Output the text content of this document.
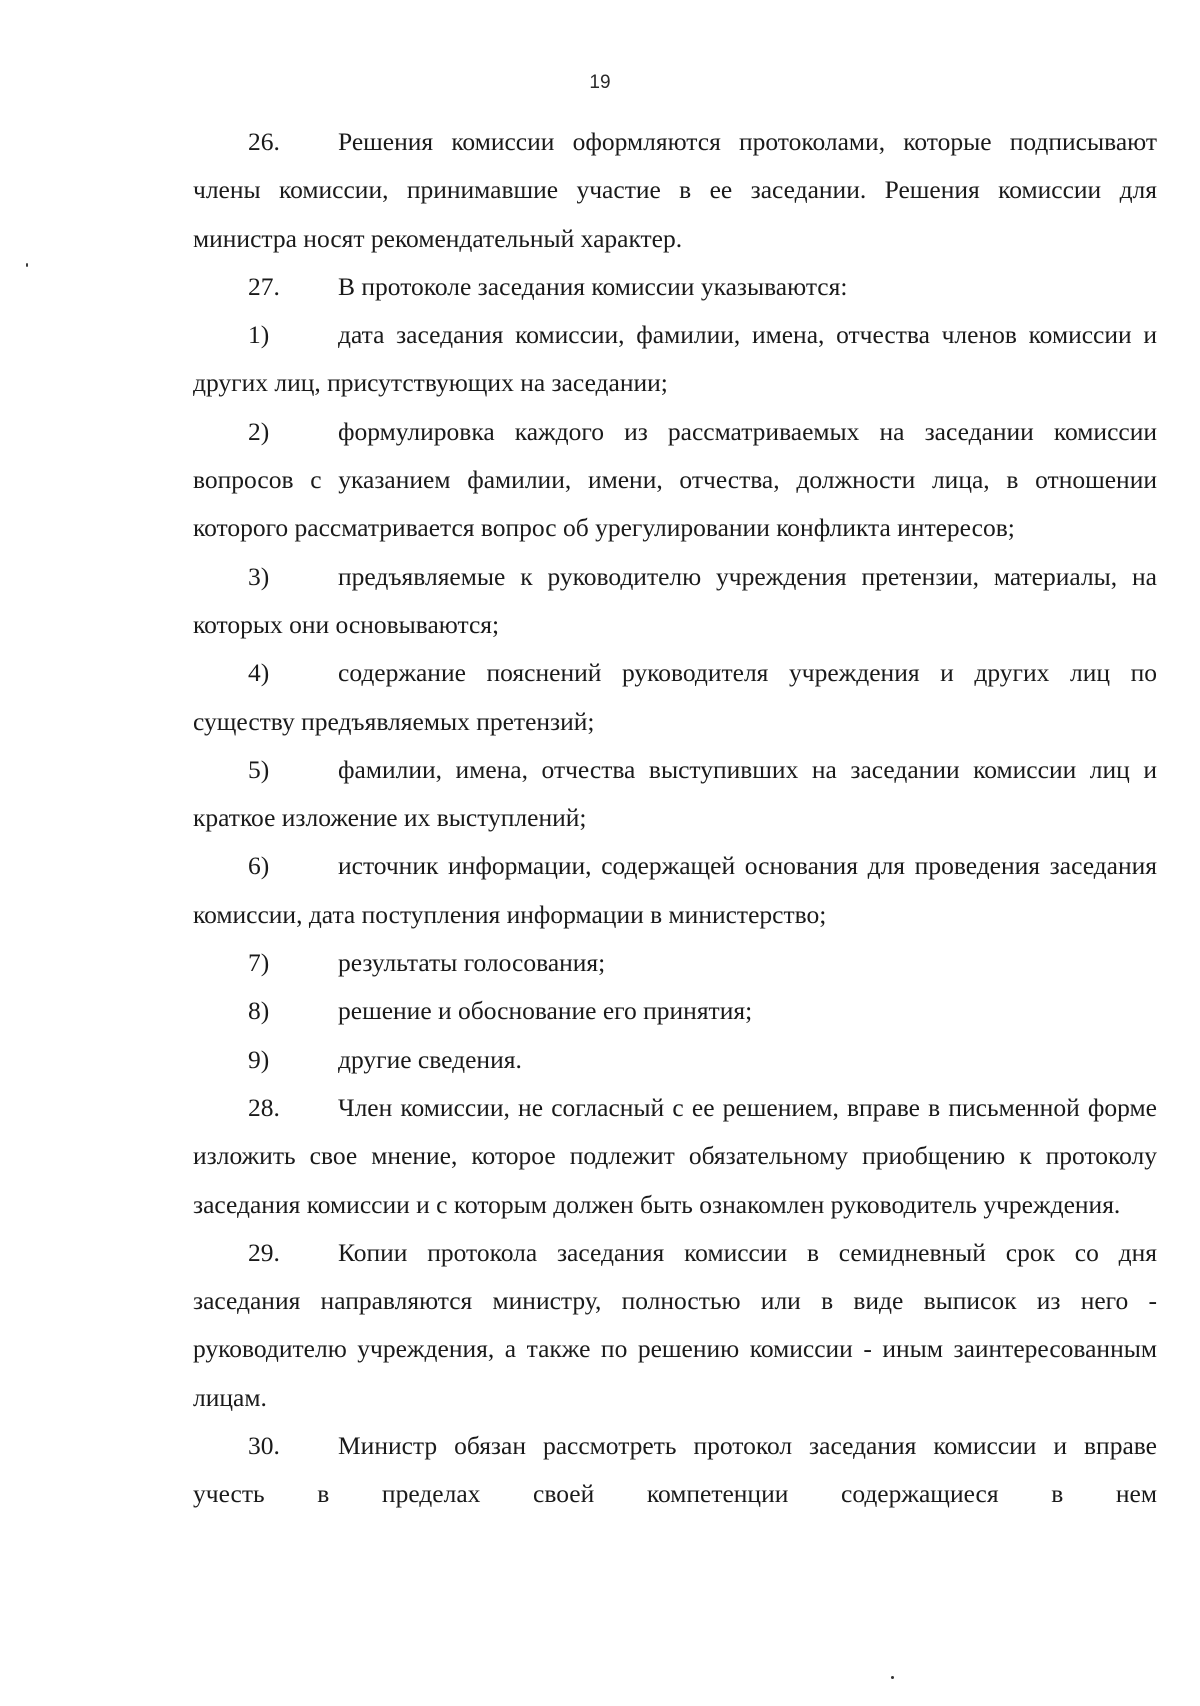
19

26. Решения комиссии оформляются протоколами, которые подписывают члены комиссии, принимавшие участие в ее заседании. Решения комиссии для министра носят рекомендательный характер.

27. В протоколе заседания комиссии указываются:

1)	дата заседания комиссии, фамилии, имена, отчества членов комиссии и других лиц, присутствующих на заседании;

2)	формулировка каждого из рассматриваемых на заседании комиссии вопросов с указанием фамилии, имени, отчества, должности лица, в отношении которого рассматривается вопрос об урегулировании конфликта интересов;

3)	предъявляемые к руководителю учреждения претензии, материалы, на которых они основываются;

4)	содержание пояснений руководителя учреждения и других лиц по существу предъявляемых претензий;

5)	фамилии, имена, отчества выступивших на заседании комиссии лиц и краткое изложение их выступлений;

6)	источник информации, содержащей основания для проведения заседания комиссии, дата поступления информации в министерство;

7)	результаты голосования;

8)	решение и обоснование его принятия;

9)	другие сведения.

28. Член комиссии, не согласный с ее решением, вправе в письменной форме изложить свое мнение, которое подлежит обязательному приобщению к протоколу заседания комиссии и с которым должен быть ознакомлен руководитель учреждения.

29. Копии протокола заседания комиссии в семидневный срок со дня заседания направляются министру, полностью или в виде выписок из него - руководителю учреждения, а также по решению комиссии - иным заинтересованным лицам.

30. Министр обязан рассмотреть протокол заседания комиссии и вправе учесть в пределах своей компетенции содержащиеся в нем
